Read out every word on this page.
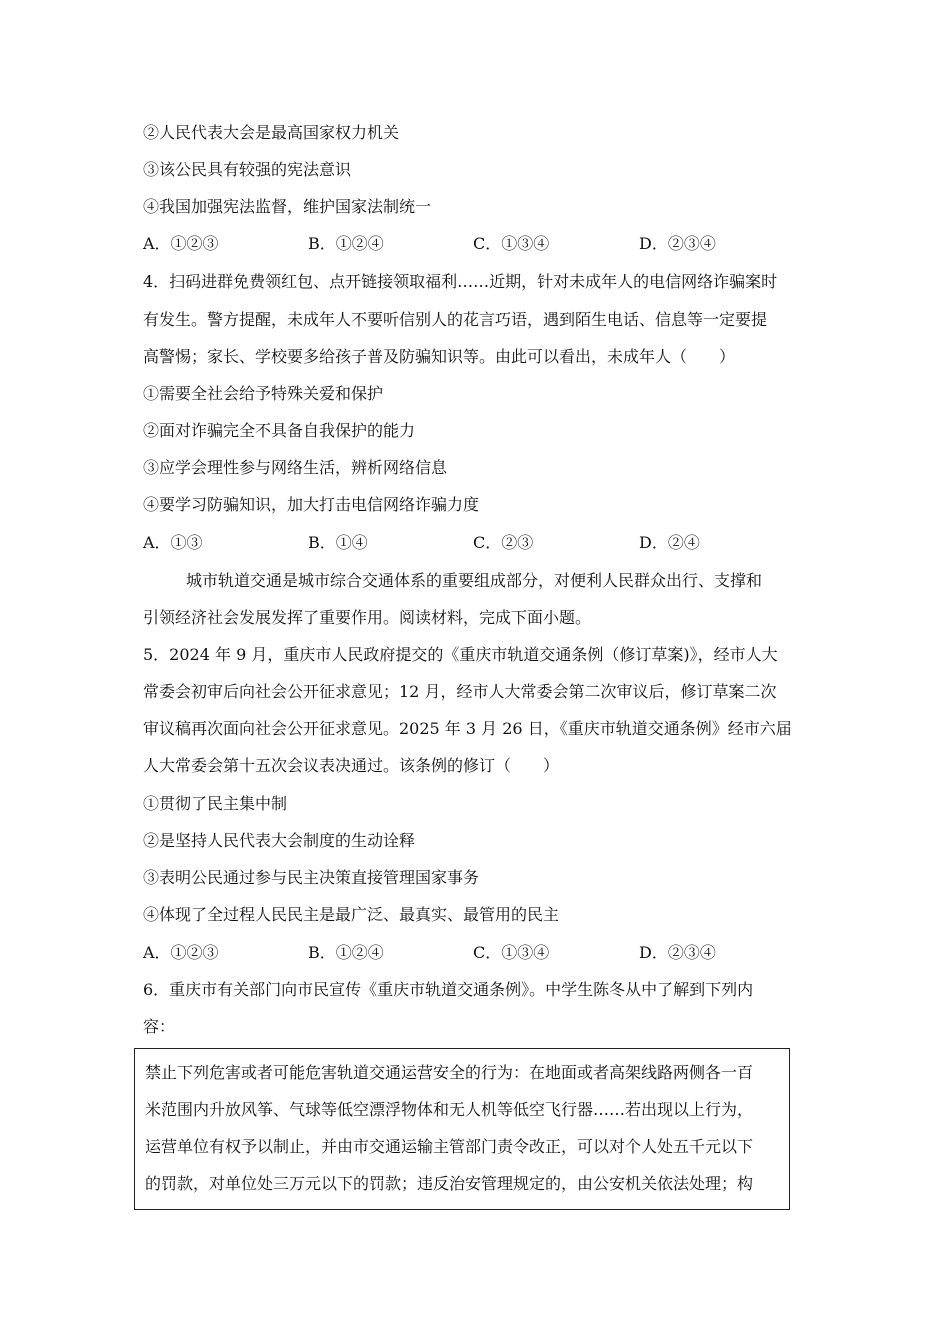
②人民代表大会是最高国家权力机关
③该公民具有较强的宪法意识
④我国加强宪法监督，维护国家法制统一
A．①②③	B．①②④	C．①③④	D．②③④
4．扫码进群免费领红包、点开链接领取福利……近期，针对未成年人的电信网络诈骗案时
有发生。警方提醒，未成年人不要听信别人的花言巧语，遇到陌生电话、信息等一定要提
高警惕；家长、学校要多给孩子普及防骗知识等。由此可以看出，未成年人（　　）
①需要全社会给予特殊关爱和保护
②面对诈骗完全不具备自我保护的能力
③应学会理性参与网络生活，辨析网络信息
④要学习防骗知识，加大打击电信网络诈骗力度
A．①③	B．①④	C．②③	D．②④
城市轨道交通是城市综合交通体系的重要组成部分，对便利人民群众出行、支撑和
引领经济社会发展发挥了重要作用。阅读材料，完成下面小题。
5．2024 年 9 月，重庆市人民政府提交的《重庆市轨道交通条例（修订草案)》，经市人大
常委会初审后向社会公开征求意见；12 月，经市人大常委会第二次审议后，修订草案二次
审议稿再次面向社会公开征求意见。2025 年 3 月 26 日，《重庆市轨道交通条例》经市六届
人大常委会第十五次会议表决通过。该条例的修订（　　）
①贯彻了民主集中制
②是坚持人民代表大会制度的生动诠释
③表明公民通过参与民主决策直接管理国家事务
④体现了全过程人民民主是最广泛、最真实、最管用的民主
A．①②③	B．①②④	C．①③④	D．②③④
6．重庆市有关部门向市民宣传《重庆市轨道交通条例》。中学生陈冬从中了解到下列内
容：
禁止下列危害或者可能危害轨道交通运营安全的行为：在地面或者高架线路两侧各一百
米范围内升放风筝、气球等低空漂浮物体和无人机等低空飞行器……若出现以上行为，
运营单位有权予以制止，并由市交通运输主管部门责令改正，可以对个人处五千元以下
的罚款，对单位处三万元以下的罚款；违反治安管理规定的，由公安机关依法处理；构
